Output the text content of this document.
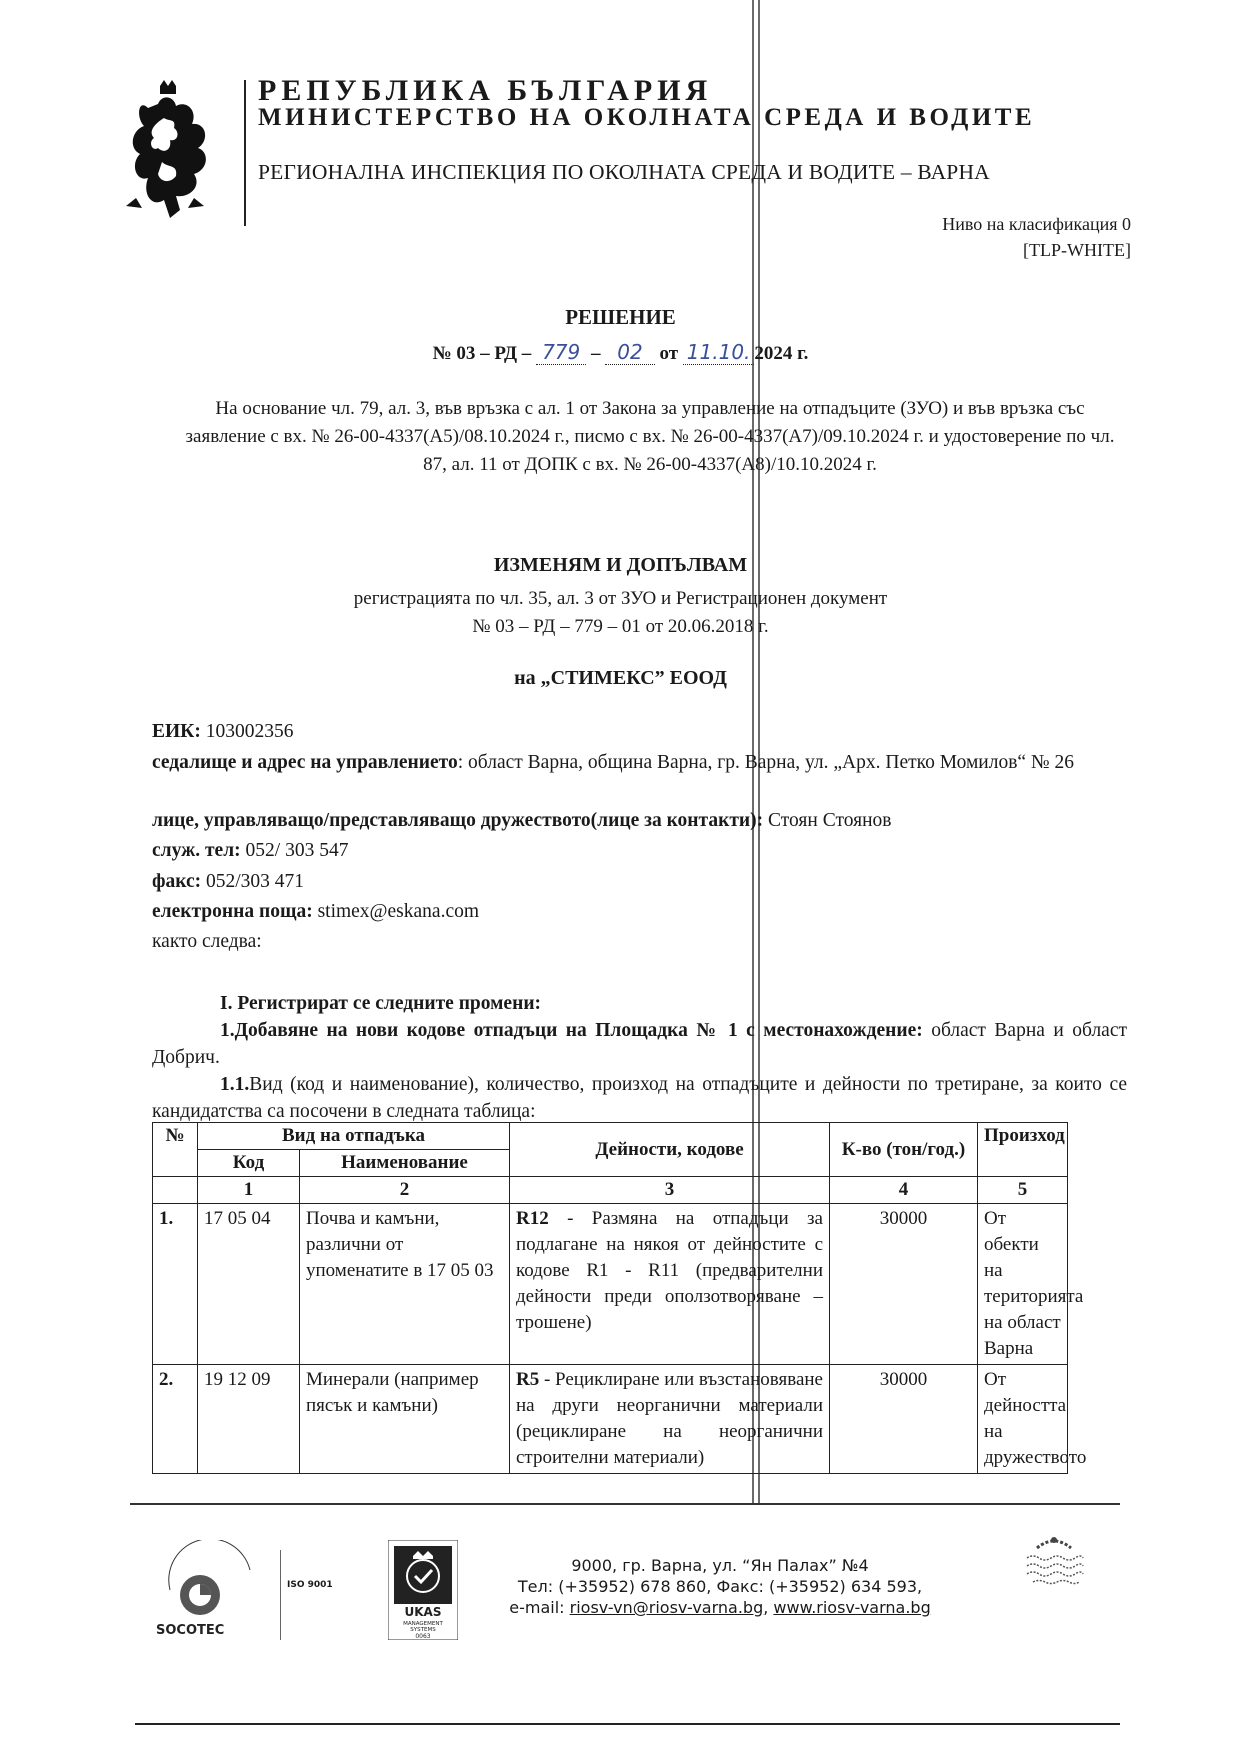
РЕПУБЛИКА БЪЛГАРИЯ
МИНИСТЕРСТВО НА ОКОЛНАТА СРЕДА И ВОДИТЕ
РЕГИОНАЛНА ИНСПЕКЦИЯ ПО ОКОЛНАТА СРЕДА И ВОДИТЕ – ВАРНА
Ниво на класификация 0
[TLP-WHITE]
РЕШЕНИЕ
№ 03 – РД – 779 – 02 от 11.10. 2024 г.
На основание чл. 79, ал. 3, във връзка с ал. 1 от Закона за управление на отпадъците (ЗУО) и във връзка със заявление с вх. № 26-00-4337(А5)/08.10.2024 г., писмо с вх. № 26-00-4337(А7)/09.10.2024 г. и удостоверение по чл. 87, ал. 11 от ДОПК с вх. № 26-00-4337(А8)/10.10.2024 г.
ИЗМЕНЯМ И ДОПЪЛВАМ
регистрацията по чл. 35, ал. 3 от ЗУО и Регистрационен документ
№ 03 – РД – 779 – 01 от 20.06.2018 г.
на „СТИМЕКС” ЕООД
ЕИК: 103002356
седалище и адрес на управлението: област Варна, община Варна, гр. Варна, ул. „Арх. Петко Момилов“ № 26
лице, управляващо/представляващо дружеството(лице за контакти): Стоян Стоянов
служ. тел: 052/ 303 547
факс: 052/303 471
електронна поща: stimex@eskana.com
както следва:
I. Регистрират се следните промени:
1.Добавяне на нови кодове отпадъци на Площадка № 1 с местонахождение: област Варна и област Добрич.
1.1.Вид (код и наименование), количество, произход на отпадъците и дейности по третиране, за които се кандидатства са посочени в следната таблица:
№	Вид на отпадъка		Дейности, кодове	К-во (тон/год.)	Произход
	Код	Наименование			
	1	2	3	4	5
1.	17 05 04	Почва и камъни, различни от упоменатите в 17 05 03	R12 - Размяна на отпадъци за подлагане на някоя от дейностите с кодове R1 - R11 (предварителни дейности преди оползотворяване – трошене)	30000	От обекти на територията на област Варна
2.	19 12 09	Минерали (например пясък и камъни)	R5 - Рециклиране или възстановяване на други неорганични материали (рециклиране на неорганични строителни материали)	30000	От дейността на дружеството
SOCOTEC
ISO 9001
UKAS
MANAGEMENT
SYSTEMS
0063
9000, гр. Варна, ул. “Ян Палах” №4
Тел: (+35952) 678 860, Факс: (+35952) 634 593,
e-mail: riosv-vn@riosv-varna.bg, www.riosv-varna.bg
